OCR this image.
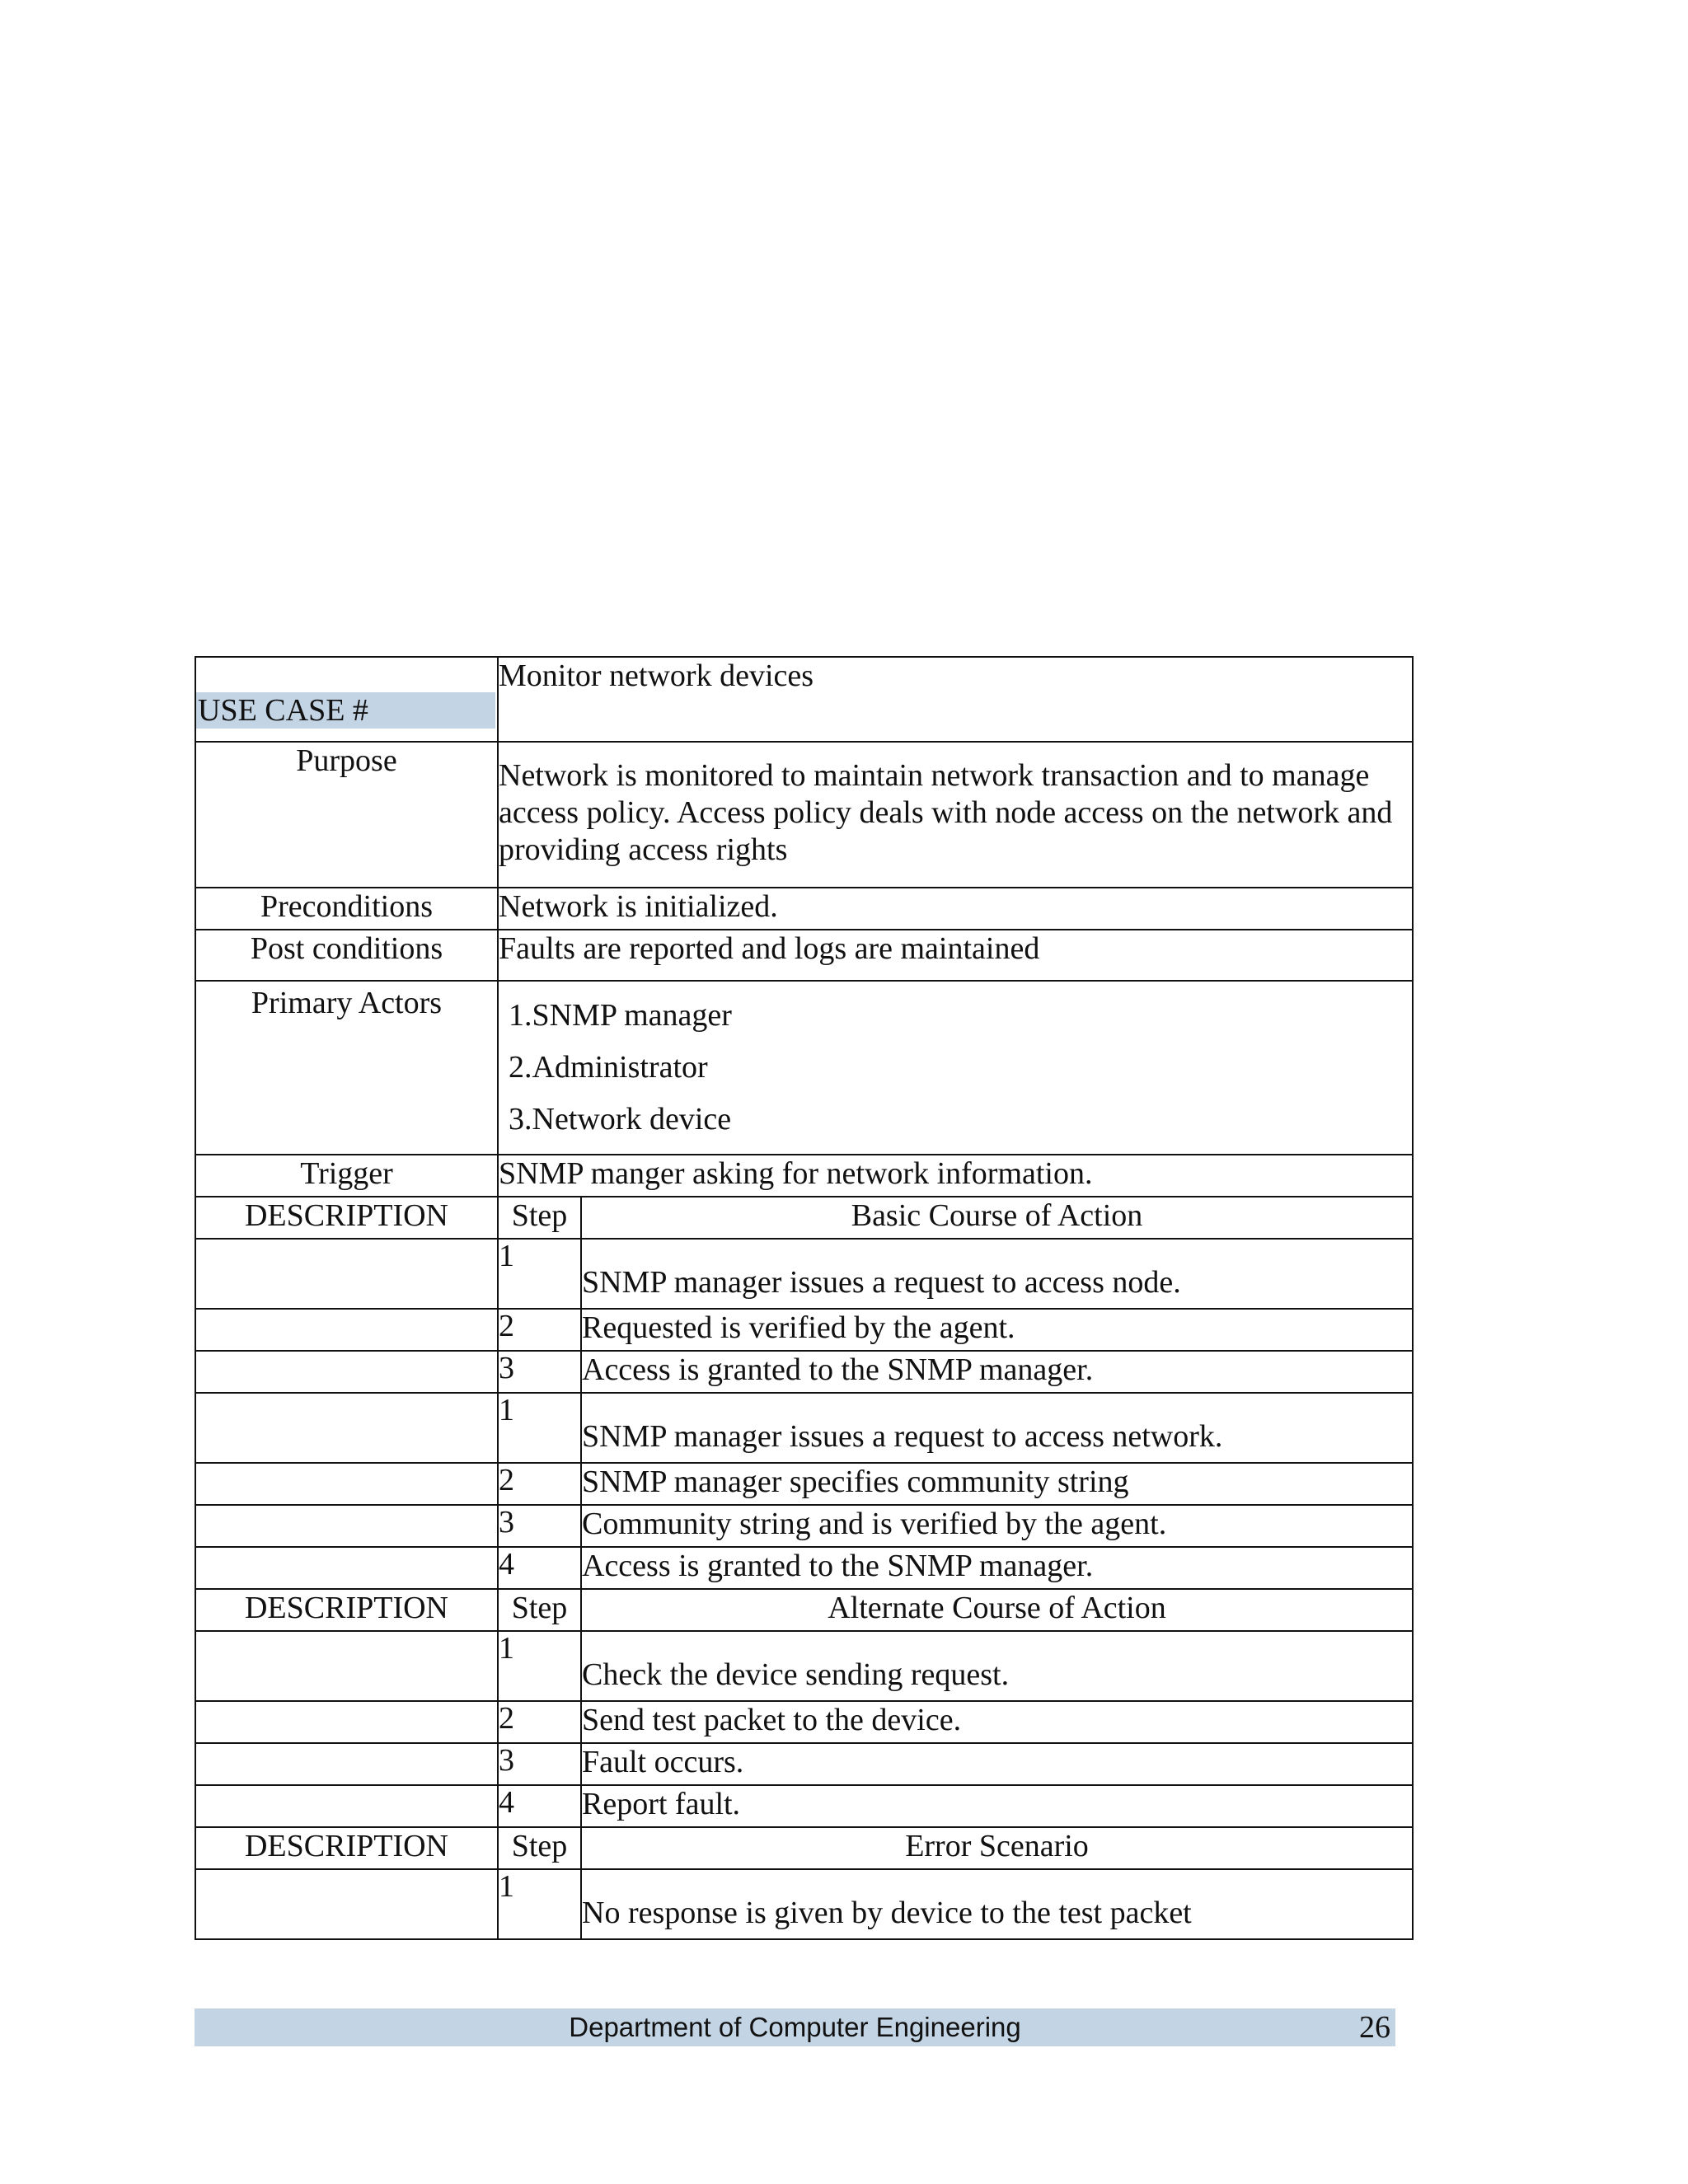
USE CASE #	Monitor network devices	
Purpose	Network is monitored to maintain network transaction and to manage access policy. Access policy deals with node access on the network and providing access rights	
Preconditions	Network is initialized.	
Post conditions	Faults are reported and logs are maintained	
Primary Actors	1.SNMP manager
2.Administrator
3.Network device	

Trigger	SNMP manger asking for network information.	
DESCRIPTION	Step	Basic Course of Action

	1	SNMP manager issues a request to access node.

	2	Requested is verified by the agent.

	3	Access is granted to the SNMP manager.

	1	SNMP manager issues a request to access network.

	2	SNMP manager specifies community string

	3	Community string and is verified by the agent.

	4	Access is granted to the SNMP manager.

DESCRIPTION	Step	Alternate Course of Action

	1	Check the device sending request.

	2	Send test packet to the device.

	3	Fault occurs.

	4	Report fault.

DESCRIPTION	Step	Error Scenario

	1	No response is given by device to the test packet
Department of Computer Engineering	26
